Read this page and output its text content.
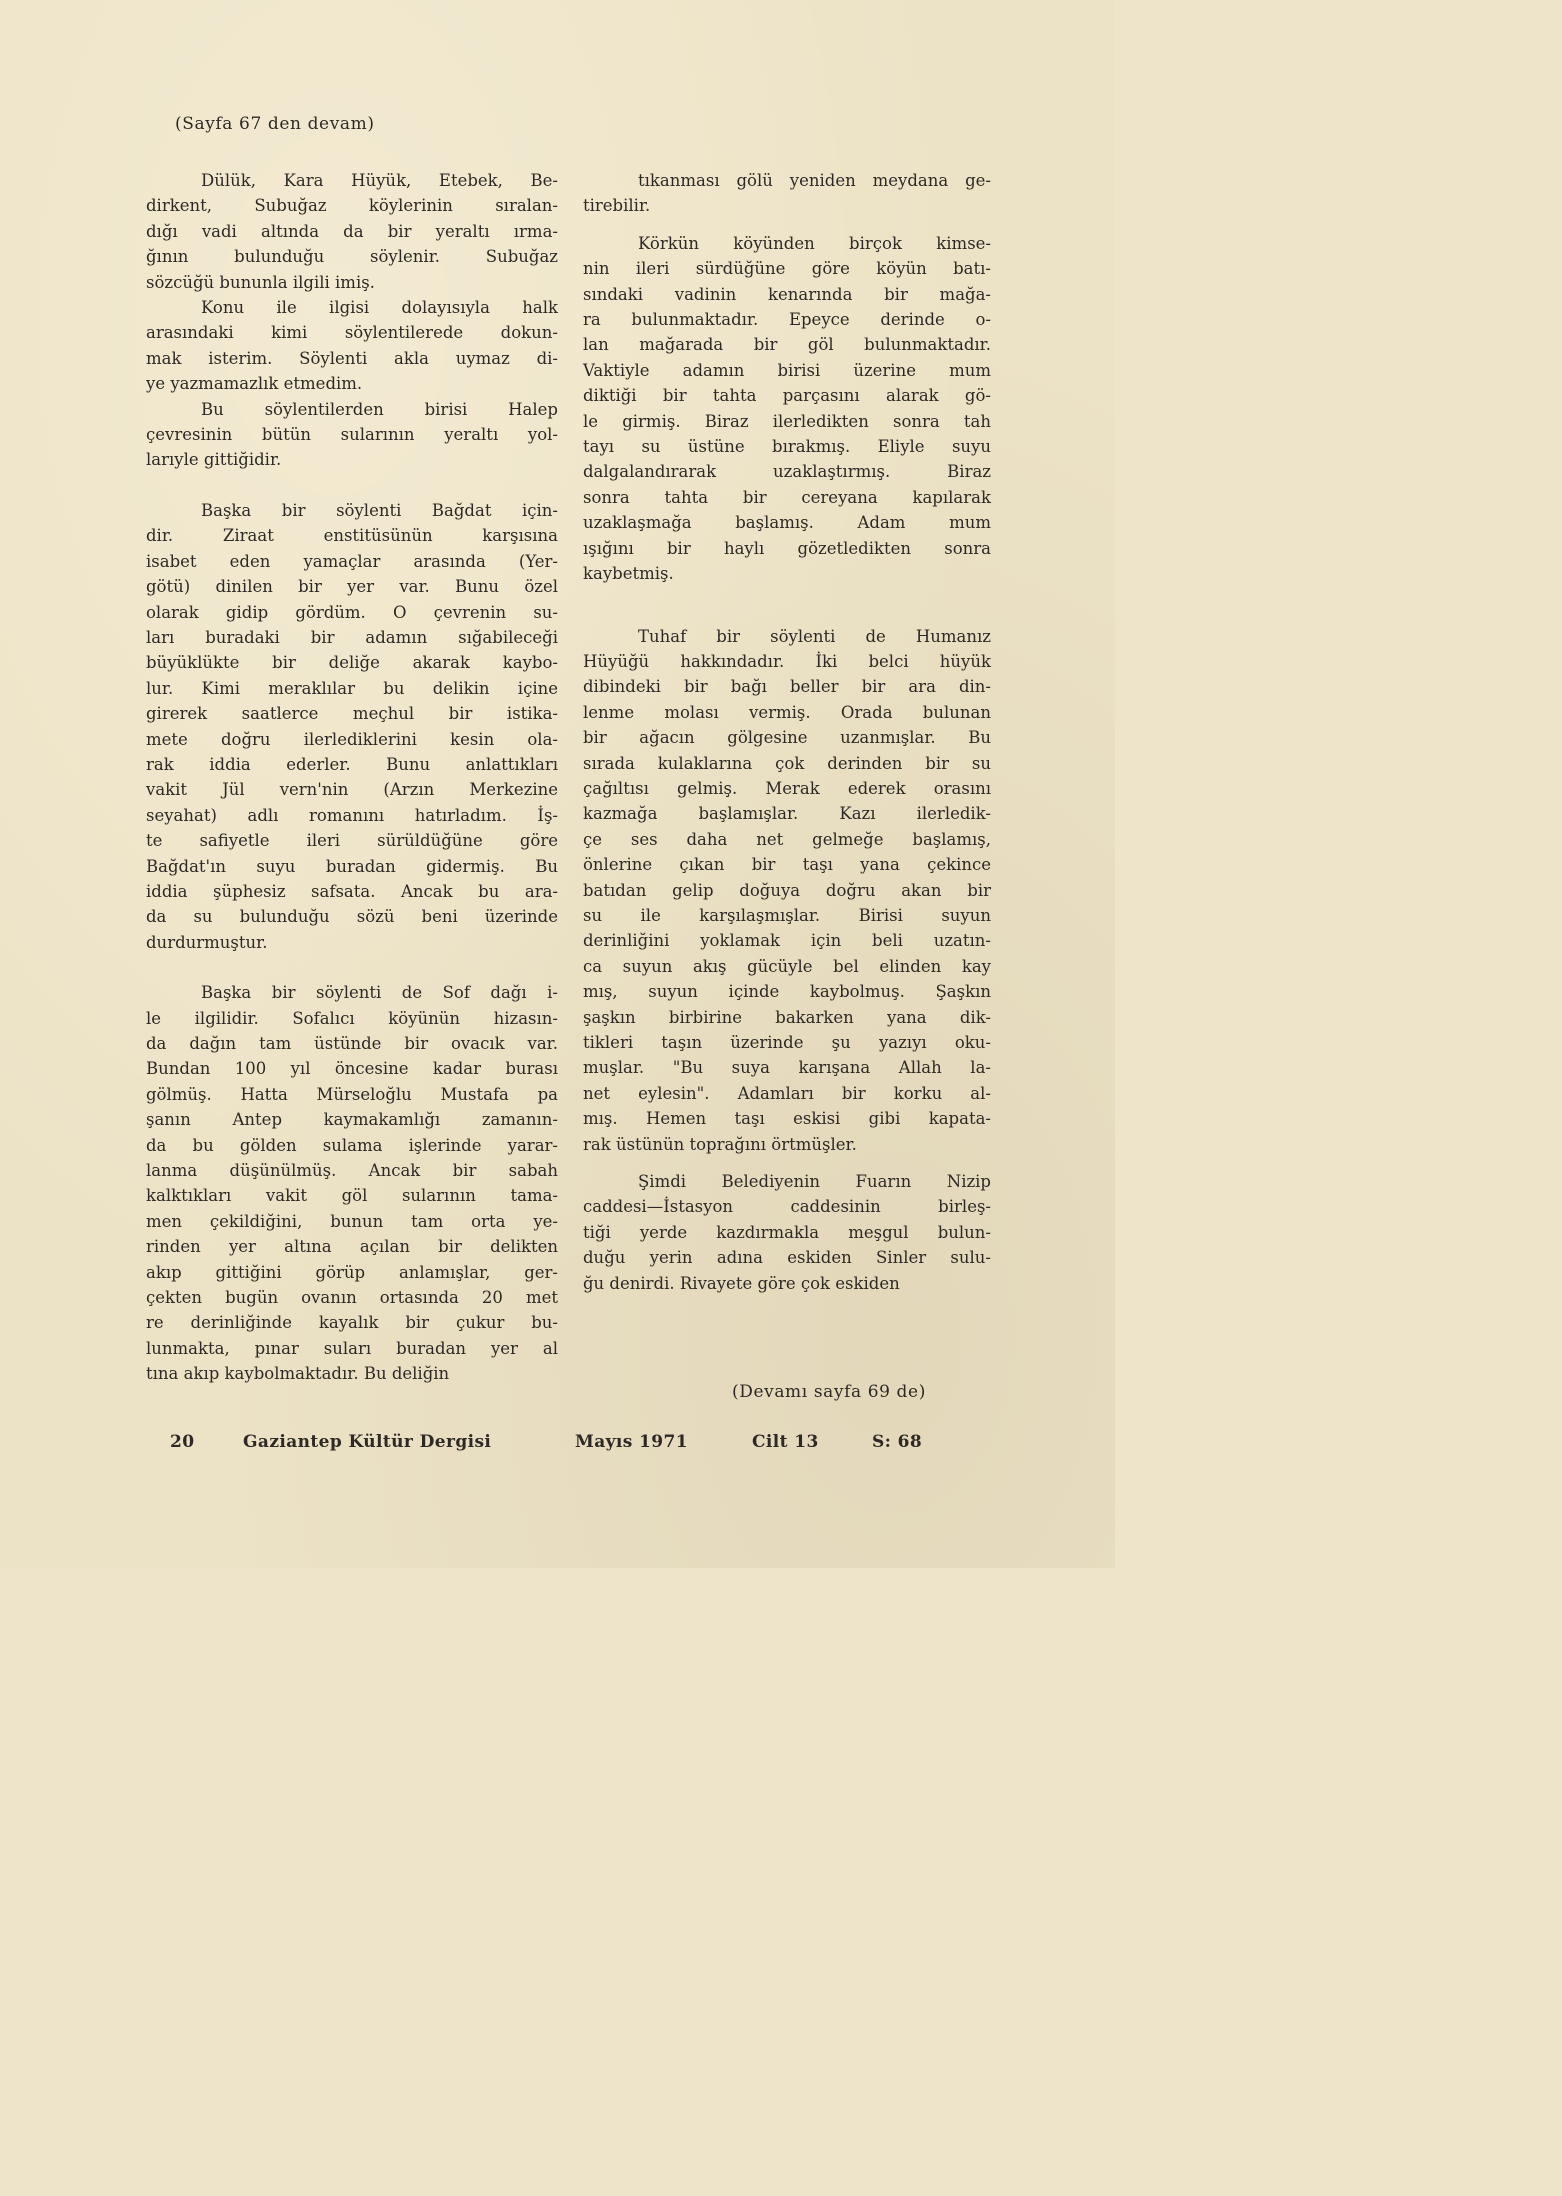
(Sayfa 67 den devam)

Dülük, Kara Hüyük, Etebek, Be-
dirkent, Subuğaz köylerinin sıralan-
dığı vadi altında da bir yeraltı ırma-
ğının bulunduğu söylenir. Subuğaz
sözcüğü bununla ilgili imiş.

Konu ile ilgisi dolayısıyla halk
arasındaki kimi söylentilerede dokun-
mak isterim. Söylenti akla uymaz di-
ye yazmamazlık etmedim.

Bu söylentilerden birisi Halep
çevresinin bütün sularının yeraltı yol-
larıyle gittiğidir.

Başka bir söylenti Bağdat için-
dir. Ziraat enstitüsünün karşısına
isabet eden yamaçlar arasında (Yer-
götü) dinilen bir yer var. Bunu özel
olarak gidip gördüm. O çevrenin su-
ları buradaki bir adamın sığabileceği
büyüklükte bir deliğe akarak kaybo-
lur. Kimi meraklılar bu delikin içine
girerek saatlerce meçhul bir istika-
mete doğru ilerlediklerini kesin ola-
rak iddia ederler. Bunu anlattıkları
vakit Jül vern'nin (Arzın Merkezine
seyahat) adlı romanını hatırladım. İş-
te safiyetle ileri sürüldüğüne göre
Bağdat'ın suyu buradan gidermiş. Bu
iddia şüphesiz safsata. Ancak bu ara-
da su bulunduğu sözü beni üzerinde
durdurmuştur.

Başka bir söylenti de Sof dağı i-
le ilgilidir. Sofalıcı köyünün hizasın-
da dağın tam üstünde bir ovacık var.
Bundan 100 yıl öncesine kadar burası
gölmüş. Hatta Mürseloğlu Mustafa pa
şanın Antep kaymakamlığı zamanın-
da bu gölden sulama işlerinde yarar-
lanma düşünülmüş. Ancak bir sabah
kalktıkları vakit göl sularının tama-
men çekildiğini, bunun tam orta ye-
rinden yer altına açılan bir delikten
akıp gittiğini görüp anlamışlar, ger-
çekten bugün ovanın ortasında 20 met
re derinliğinde kayalık bir çukur bu-
lunmakta, pınar suları buradan yer al
tına akıp kaybolmaktadır. Bu deliğin

tıkanması gölü yeniden meydana ge-
tirebilir.

Körkün köyünden birçok kimse-
nin ileri sürdüğüne göre köyün batı-
sındaki vadinin kenarında bir mağa-
ra bulunmaktadır. Epeyce derinde o-
lan mağarada bir göl bulunmaktadır.
Vaktiyle adamın birisi üzerine mum
diktiği bir tahta parçasını alarak gö-
le girmiş. Biraz ilerledikten sonra tah
tayı su üstüne bırakmış. Eliyle suyu
dalgalandırarak uzaklaştırmış. Biraz
sonra tahta bir cereyana kapılarak
uzaklaşmağa başlamış. Adam mum
ışığını bir haylı gözetledikten sonra
kaybetmiş.

Tuhaf bir söylenti de Humanız
Hüyüğü hakkındadır. İki belci hüyük
dibindeki bir bağı beller bir ara din-
lenme molası vermiş. Orada bulunan
bir ağacın gölgesine uzanmışlar. Bu
sırada kulaklarına çok derinden bir su
çağıltısı gelmiş. Merak ederek orasını
kazmağa başlamışlar. Kazı ilerledik-
çe ses daha net gelmeğe başlamış,
önlerine çıkan bir taşı yana çekince
batıdan gelip doğuya doğru akan bir
su ile karşılaşmışlar. Birisi suyun
derinliğini yoklamak için beli uzatın-
ca suyun akış gücüyle bel elinden kay
mış, suyun içinde kaybolmuş. Şaşkın
şaşkın birbirine bakarken yana dik-
tikleri taşın üzerinde şu yazıyı oku-
muşlar. "Bu suya karışana Allah la-
net eylesin". Adamları bir korku al-
mış. Hemen taşı eskisi gibi kapata-
rak üstünün toprağını örtmüşler.

Şimdi Belediyenin Fuarın Nizip
caddesi—İstasyon caddesinin birleş-
tiği yerde kazdırmakla meşgul bulun-
duğu yerin adına eskiden Sinler sulu-
ğu denirdi. Rivayete göre çok eskiden

(Devamı sayfa 69 de)
20	Gaziantep Kültür Dergisi	Mayıs 1971	Cilt 13	S: 68
